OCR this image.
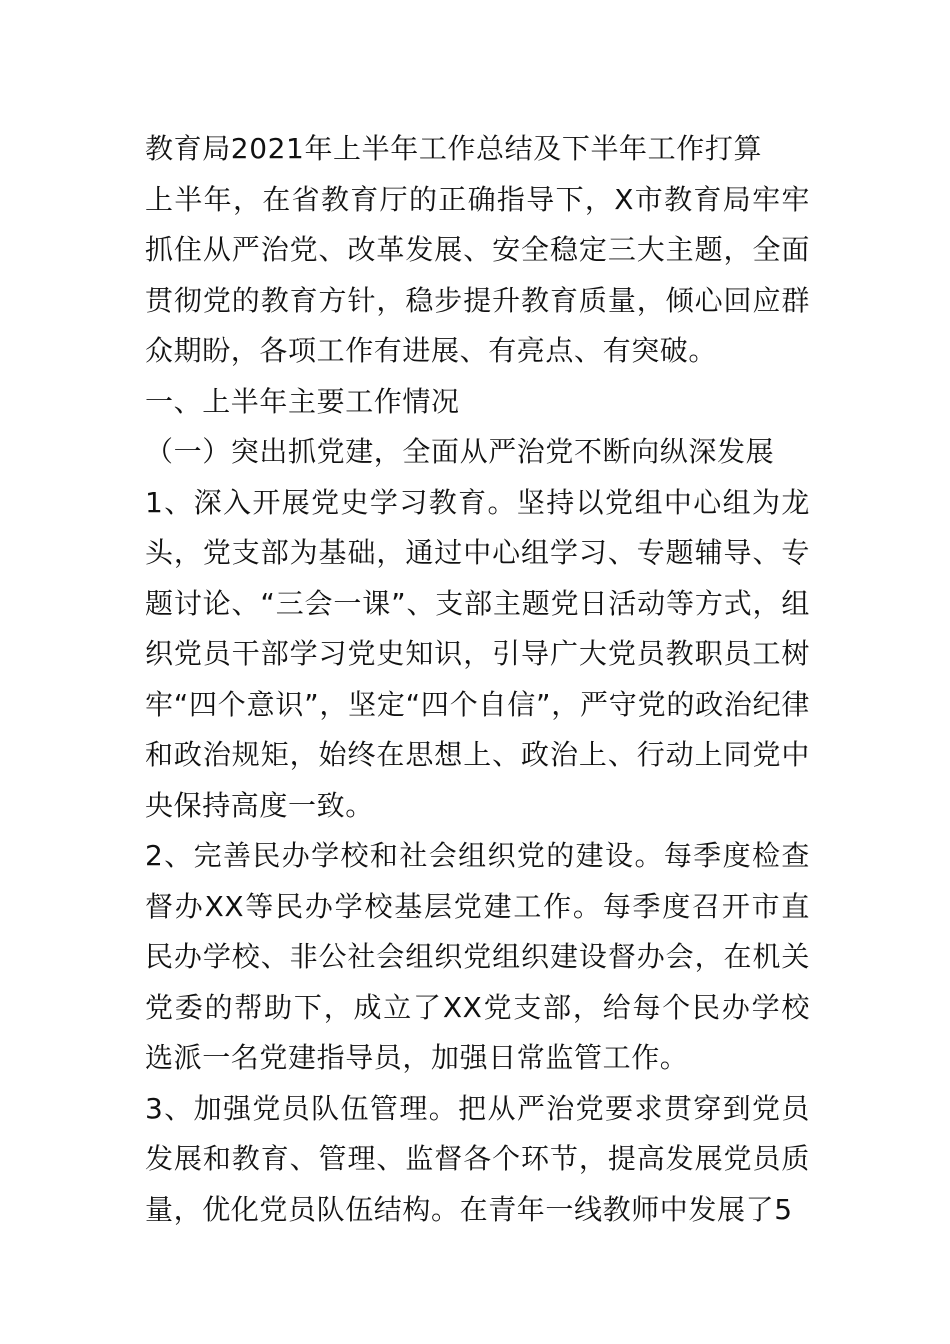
教育局2021年上半年工作总结及下半年工作打算

上半年，在省教育厅的正确指导下，X市教育局牢牢抓住从严治党、改革发展、安全稳定三大主题，全面贯彻党的教育方针，稳步提升教育质量，倾心回应群众期盼，各项工作有进展、有亮点、有突破。

一、上半年主要工作情况

（一）突出抓党建，全面从严治党不断向纵深发展

1、深入开展党史学习教育。坚持以党组中心组为龙头，党支部为基础，通过中心组学习、专题辅导、专题讨论、“三会一课”、支部主题党日活动等方式，组织党员干部学习党史知识，引导广大党员教职员工树牢“四个意识”，坚定“四个自信”，严守党的政治纪律和政治规矩，始终在思想上、政治上、行动上同党中央保持高度一致。

2、完善民办学校和社会组织党的建设。每季度检查督办XX等民办学校基层党建工作。每季度召开市直民办学校、非公社会组织党组织建设督办会，在机关党委的帮助下，成立了XX党支部，给每个民办学校选派一名党建指导员，加强日常监管工作。

3、加强党员队伍管理。把从严治党要求贯穿到党员发展和教育、管理、监督各个环节，提高发展党员质量，优化党员队伍结构。在青年一线教师中发展了5
